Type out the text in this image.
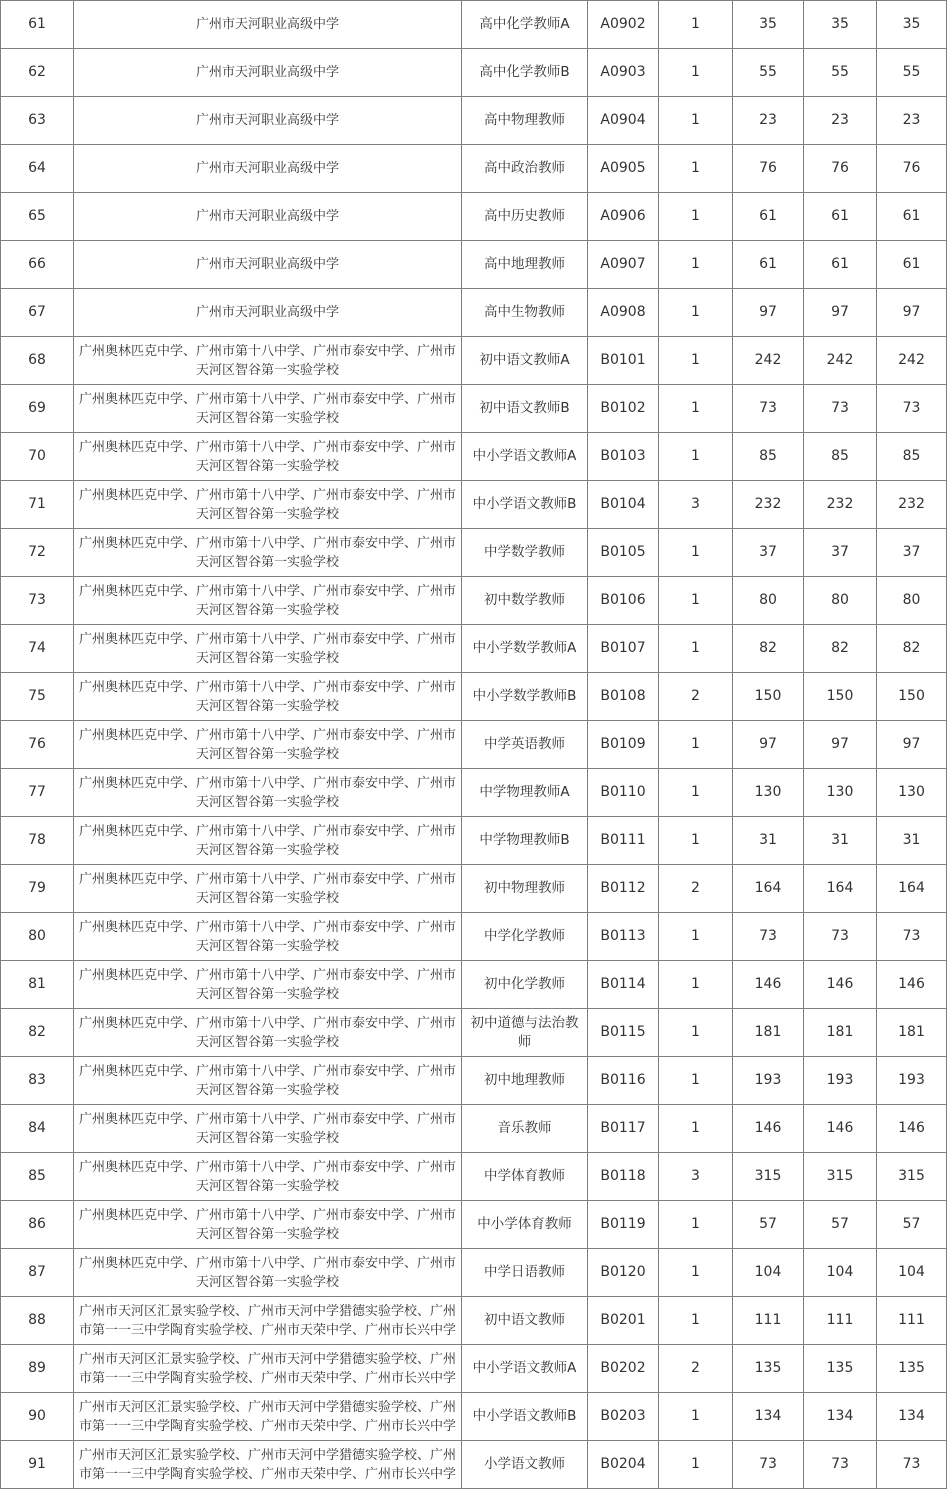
61	广州市天河职业高级中学	高中化学教师A	A0902	1	35	35	35
62	广州市天河职业高级中学	高中化学教师B	A0903	1	55	55	55
63	广州市天河职业高级中学	高中物理教师	A0904	1	23	23	23
64	广州市天河职业高级中学	高中政治教师	A0905	1	76	76	76
65	广州市天河职业高级中学	高中历史教师	A0906	1	61	61	61
66	广州市天河职业高级中学	高中地理教师	A0907	1	61	61	61
67	广州市天河职业高级中学	高中生物教师	A0908	1	97	97	97
68	广州奥林匹克中学、广州市第十八中学、广州市泰安中学、广州市天河区智谷第一实验学校	初中语文教师A	B0101	1	242	242	242
69	广州奥林匹克中学、广州市第十八中学、广州市泰安中学、广州市天河区智谷第一实验学校	初中语文教师B	B0102	1	73	73	73
70	广州奥林匹克中学、广州市第十八中学、广州市泰安中学、广州市天河区智谷第一实验学校	中小学语文教师A	B0103	1	85	85	85
71	广州奥林匹克中学、广州市第十八中学、广州市泰安中学、广州市天河区智谷第一实验学校	中小学语文教师B	B0104	3	232	232	232
72	广州奥林匹克中学、广州市第十八中学、广州市泰安中学、广州市天河区智谷第一实验学校	中学数学教师	B0105	1	37	37	37
73	广州奥林匹克中学、广州市第十八中学、广州市泰安中学、广州市天河区智谷第一实验学校	初中数学教师	B0106	1	80	80	80
74	广州奥林匹克中学、广州市第十八中学、广州市泰安中学、广州市天河区智谷第一实验学校	中小学数学教师A	B0107	1	82	82	82
75	广州奥林匹克中学、广州市第十八中学、广州市泰安中学、广州市天河区智谷第一实验学校	中小学数学教师B	B0108	2	150	150	150
76	广州奥林匹克中学、广州市第十八中学、广州市泰安中学、广州市天河区智谷第一实验学校	中学英语教师	B0109	1	97	97	97
77	广州奥林匹克中学、广州市第十八中学、广州市泰安中学、广州市天河区智谷第一实验学校	中学物理教师A	B0110	1	130	130	130
78	广州奥林匹克中学、广州市第十八中学、广州市泰安中学、广州市天河区智谷第一实验学校	中学物理教师B	B0111	1	31	31	31
79	广州奥林匹克中学、广州市第十八中学、广州市泰安中学、广州市天河区智谷第一实验学校	初中物理教师	B0112	2	164	164	164
80	广州奥林匹克中学、广州市第十八中学、广州市泰安中学、广州市天河区智谷第一实验学校	中学化学教师	B0113	1	73	73	73
81	广州奥林匹克中学、广州市第十八中学、广州市泰安中学、广州市天河区智谷第一实验学校	初中化学教师	B0114	1	146	146	146
82	广州奥林匹克中学、广州市第十八中学、广州市泰安中学、广州市天河区智谷第一实验学校	初中道德与法治教师	B0115	1	181	181	181
83	广州奥林匹克中学、广州市第十八中学、广州市泰安中学、广州市天河区智谷第一实验学校	初中地理教师	B0116	1	193	193	193
84	广州奥林匹克中学、广州市第十八中学、广州市泰安中学、广州市天河区智谷第一实验学校	音乐教师	B0117	1	146	146	146
85	广州奥林匹克中学、广州市第十八中学、广州市泰安中学、广州市天河区智谷第一实验学校	中学体育教师	B0118	3	315	315	315
86	广州奥林匹克中学、广州市第十八中学、广州市泰安中学、广州市天河区智谷第一实验学校	中小学体育教师	B0119	1	57	57	57
87	广州奥林匹克中学、广州市第十八中学、广州市泰安中学、广州市天河区智谷第一实验学校	中学日语教师	B0120	1	104	104	104
88	广州市天河区汇景实验学校、广州市天河中学猎德实验学校、广州市第一一三中学陶育实验学校、广州市天荣中学、广州市长兴中学	初中语文教师	B0201	1	111	111	111
89	广州市天河区汇景实验学校、广州市天河中学猎德实验学校、广州市第一一三中学陶育实验学校、广州市天荣中学、广州市长兴中学	中小学语文教师A	B0202	2	135	135	135
90	广州市天河区汇景实验学校、广州市天河中学猎德实验学校、广州市第一一三中学陶育实验学校、广州市天荣中学、广州市长兴中学	中小学语文教师B	B0203	1	134	134	134
91	广州市天河区汇景实验学校、广州市天河中学猎德实验学校、广州市第一一三中学陶育实验学校、广州市天荣中学、广州市长兴中学	小学语文教师	B0204	1	73	73	73
